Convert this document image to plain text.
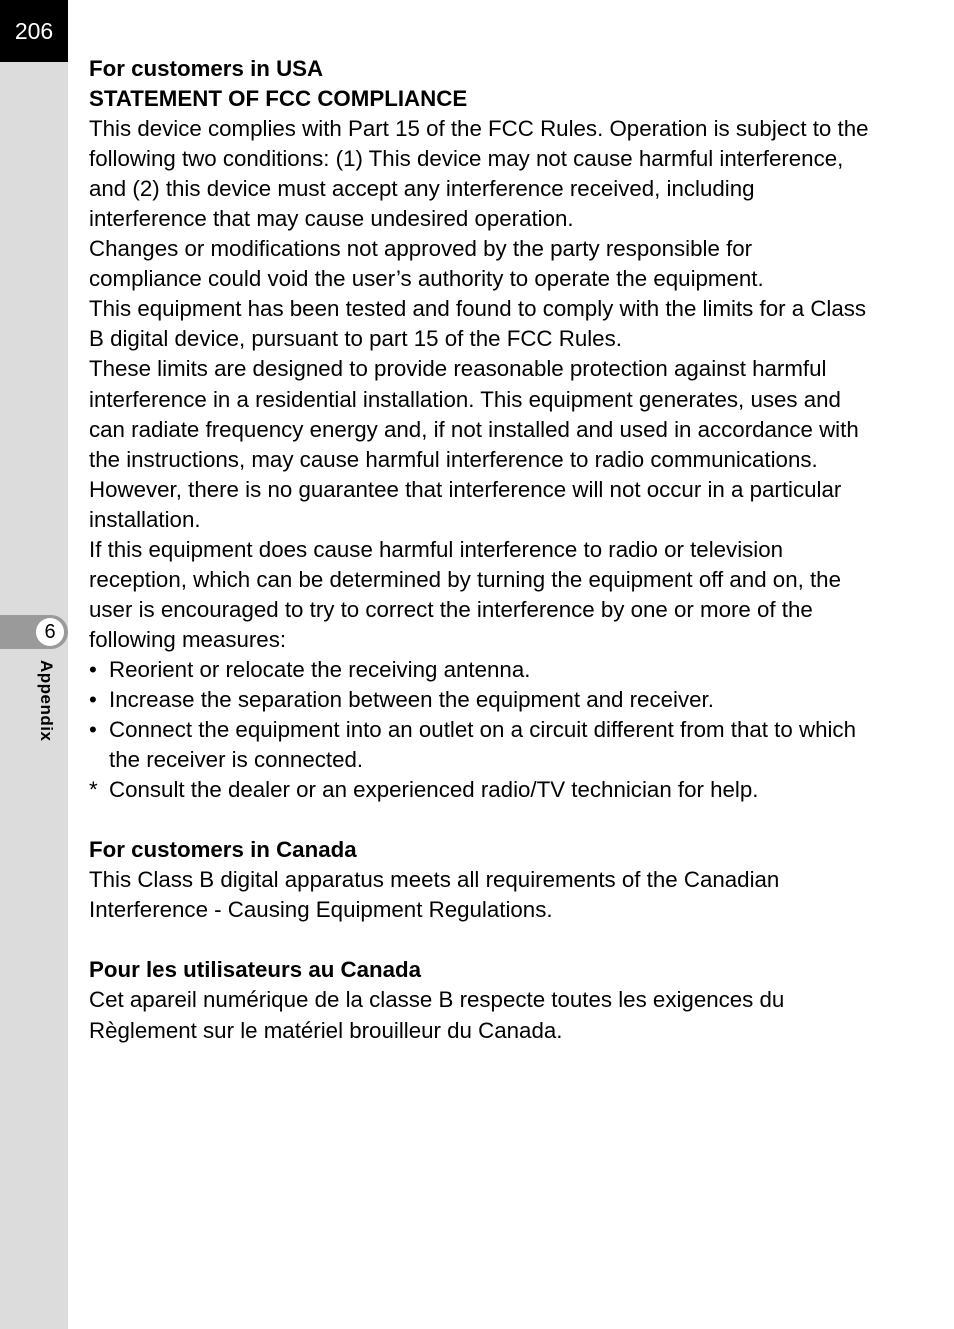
206
6
Appendix

For customers in USA

STATEMENT OF FCC COMPLIANCE

This device complies with Part 15 of the FCC Rules. Operation is subject to the following two conditions: (1) This device may not cause harmful interference, and (2) this device must accept any interference received, including interference that may cause undesired operation.

Changes or modifications not approved by the party responsible for compliance could void the user’s authority to operate the equipment.

This equipment has been tested and found to comply with the limits for a Class B digital device, pursuant to part 15 of the FCC Rules.

These limits are designed to provide reasonable protection against harmful interference in a residential installation. This equipment generates, uses and can radiate frequency energy and, if not installed and used in accordance with the instructions, may cause harmful interference to radio communications. However, there is no guarantee that interference will not occur in a particular installation.

If this equipment does cause harmful interference to radio or television reception, which can be determined by turning the equipment off and on, the user is encouraged to try to correct the interference by one or more of the following measures:

• Reorient or relocate the receiving antenna.
• Increase the separation between the equipment and receiver.
• Connect the equipment into an outlet on a circuit different from that to which the receiver is connected.
* Consult the dealer or an experienced radio/TV technician for help.

For customers in Canada

This Class B digital apparatus meets all requirements of the Canadian Interference - Causing Equipment Regulations.

Pour les utilisateurs au Canada

Cet apareil numérique de la classe B respecte toutes les exigences du Règlement sur le matériel brouilleur du Canada.
